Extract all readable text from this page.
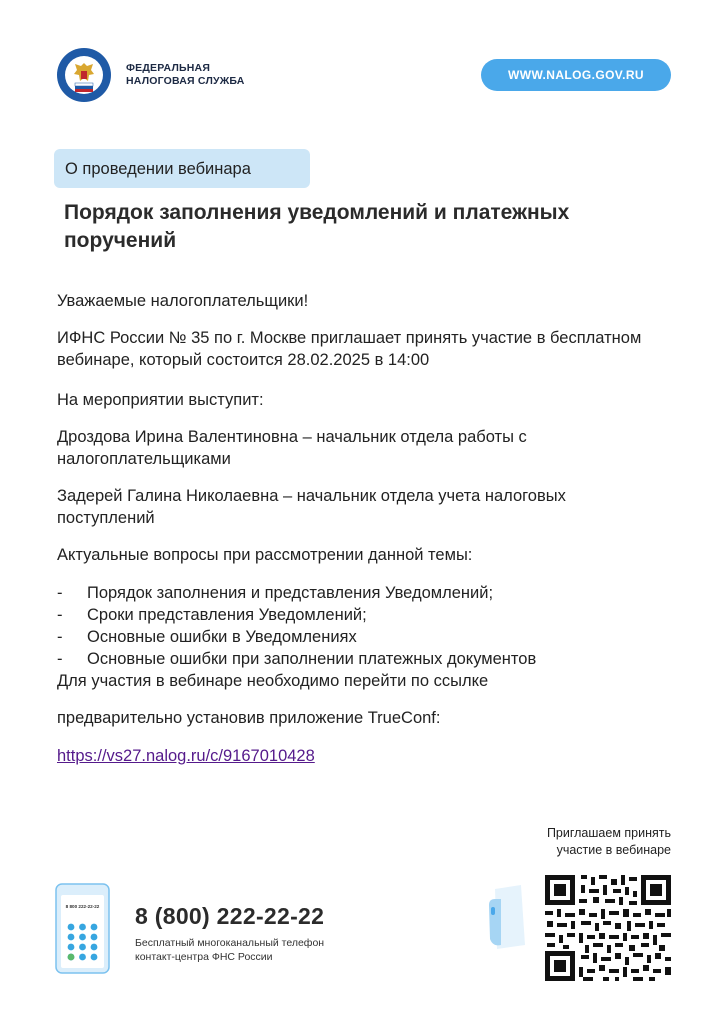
ФЕДЕРАЛЬНАЯ
НАЛОГОВАЯ СЛУЖБА	WWW.NALOG.GOV.RU
О проведении вебинара
Порядок заполнения уведомлений и платежных поручений

Уважаемые налогоплательщики!

ИФНС России № 35 по г. Москве приглашает принять участие в бесплатном вебинаре, который состоится 28.02.2025 в 14:00

На мероприятии выступит:

Дроздова Ирина Валентиновна – начальник отдела работы с налогоплательщиками

Задерей Галина Николаевна – начальник отдела учета налоговых поступлений

Актуальные вопросы при рассмотрении данной темы:

- Порядок заполнения и представления Уведомлений;
- Сроки представления Уведомлений;
- Основные ошибки в Уведомлениях
- Основные ошибки при заполнении платежных документов

Для участия в вебинаре необходимо перейти по ссылке

предварительно установив приложение TrueConf:

https://vs27.nalog.ru/c/9167010428
Приглашаем принять
участие в вебинаре
8 800 222-22-22 8 (800) 222-22-22
Бесплатный многоканальный телефон
контакт-центра ФНС России
